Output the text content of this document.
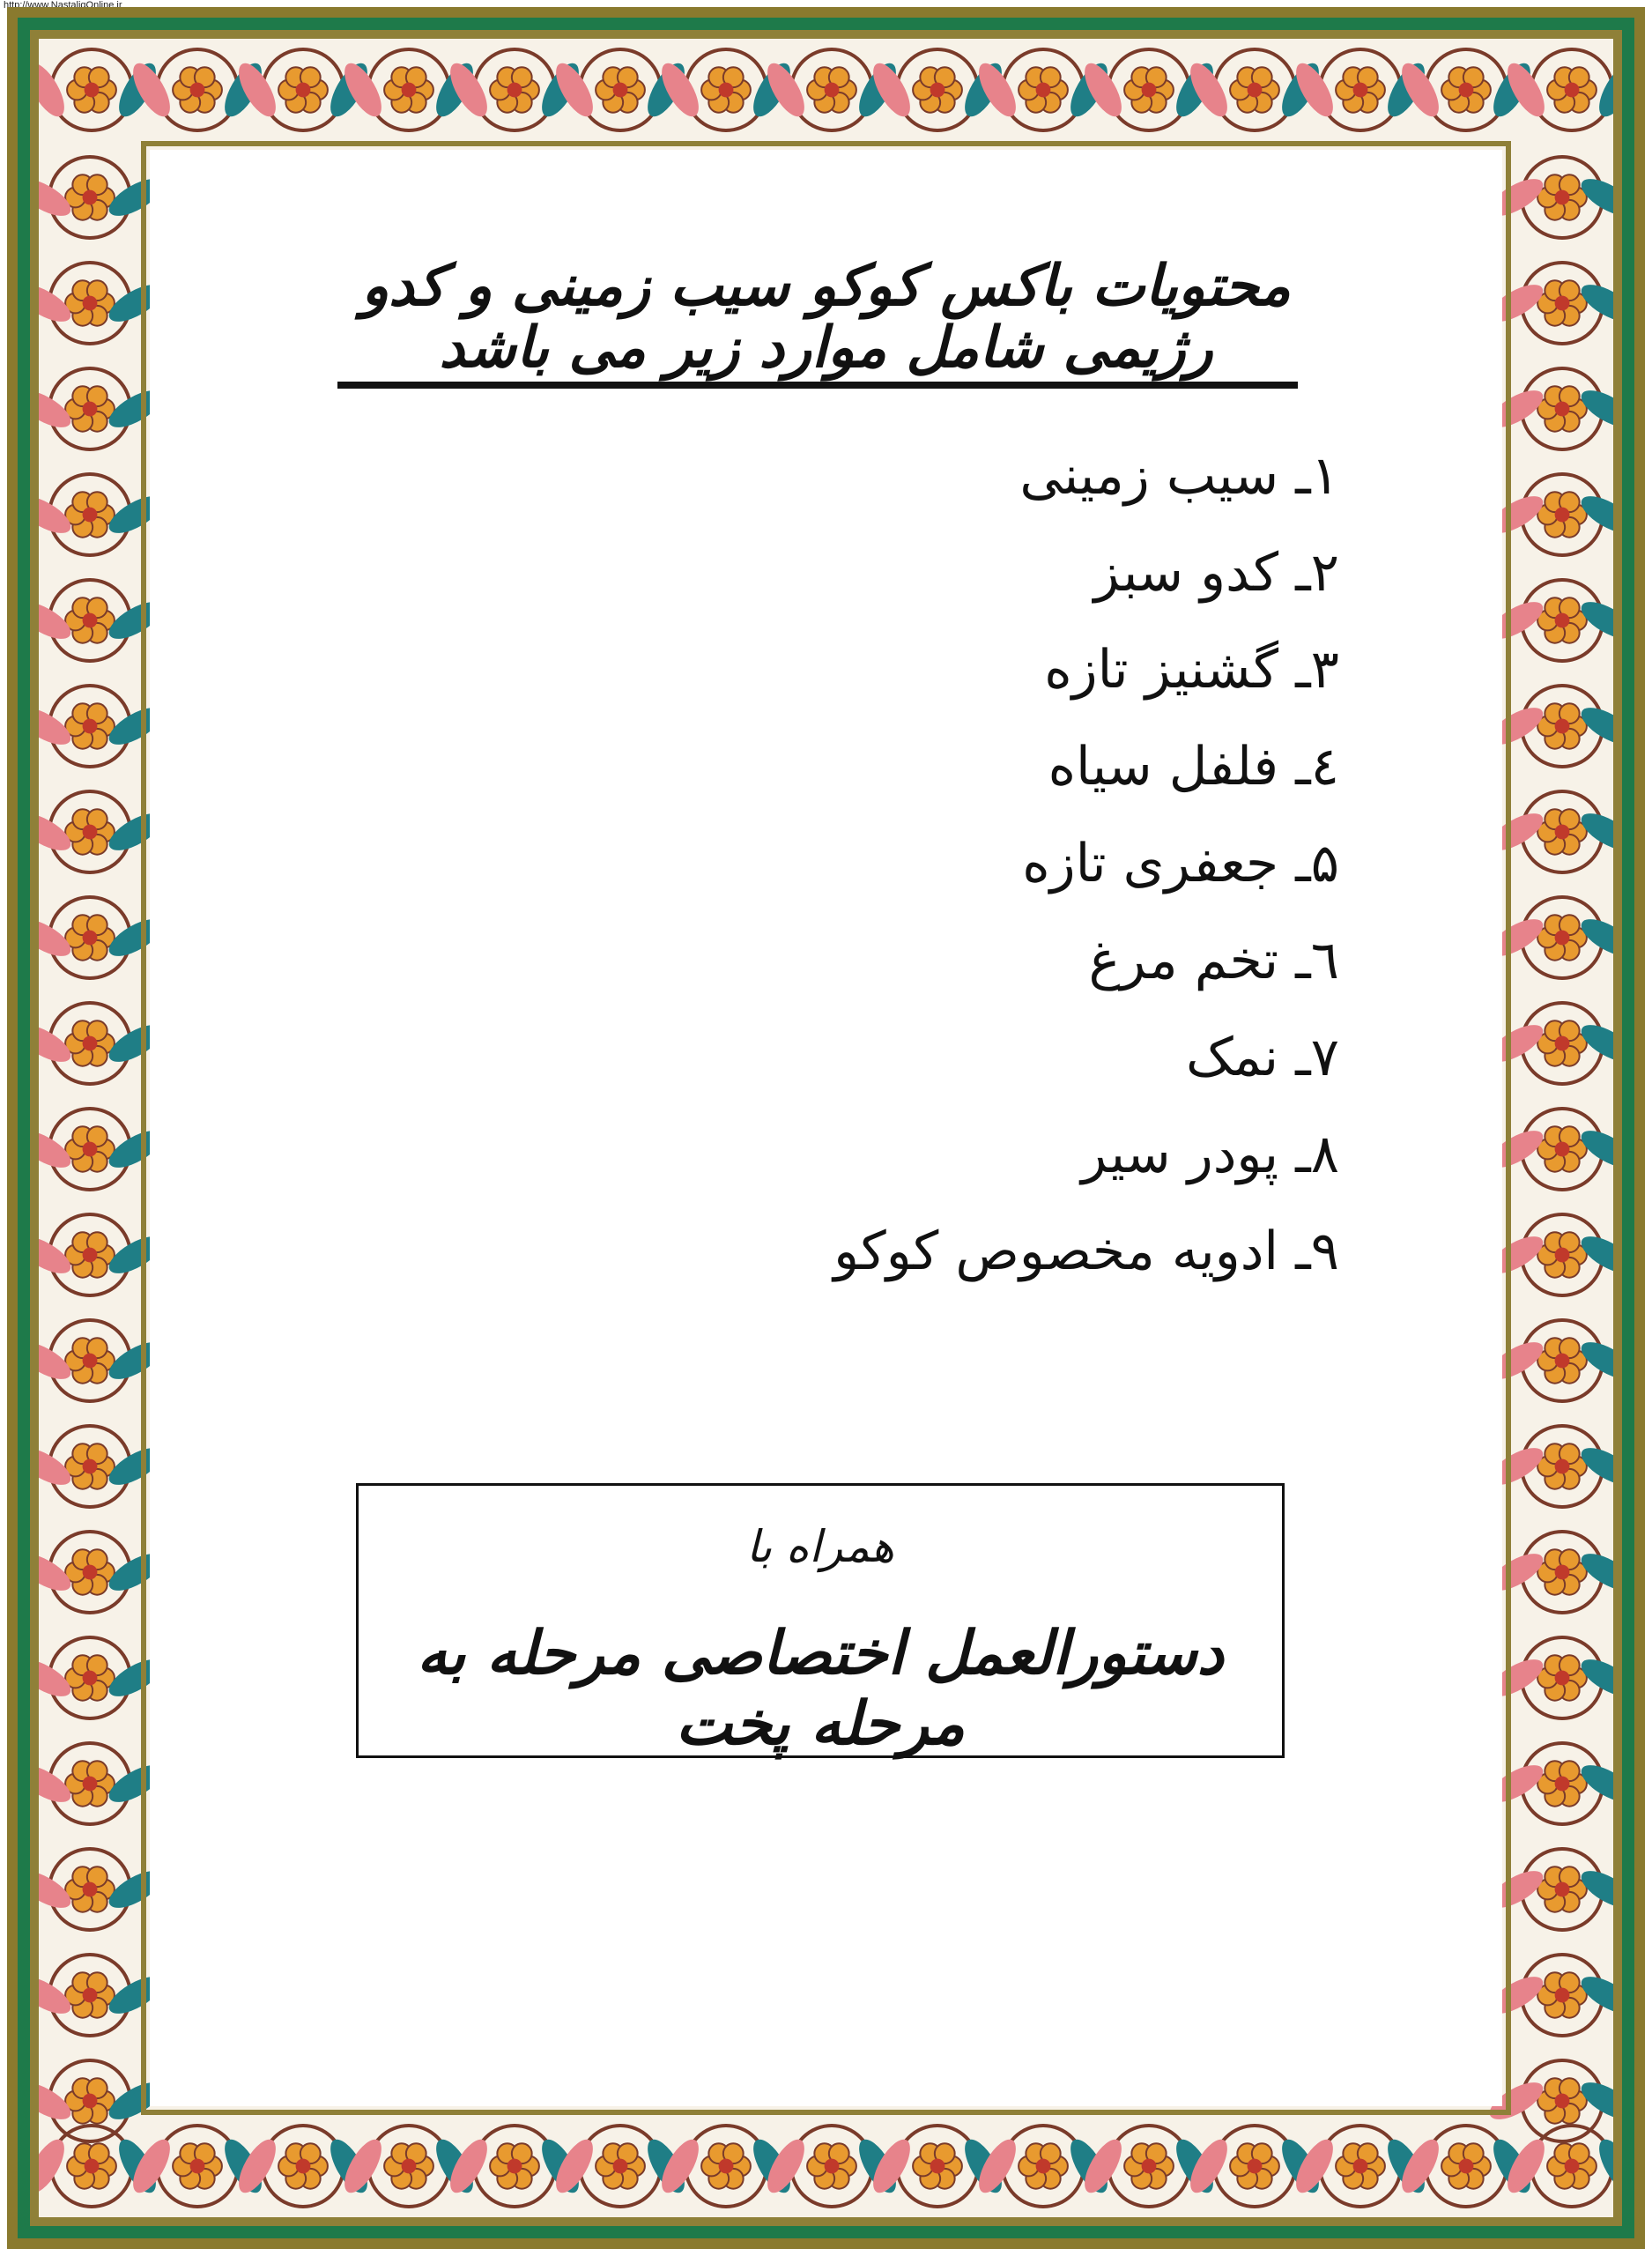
http://www.NastaliqOnline.ir
محتویات باکس کوکو سیب زمینی و کدو رژیمی شامل موارد زیر می باشد
۱ـ سیب زمینی
۲ـ کدو سبز
۳ـ گشنیز تازه
٤ـ فلفل سیاه
۵ـ جعفری تازه
٦ـ تخم مرغ
۷ـ نمک
۸ـ پودر سیر
۹ـ ادویه مخصوص کوکو
همراه با
دستورالعمل اختصاصی مرحله به مرحله پخت
